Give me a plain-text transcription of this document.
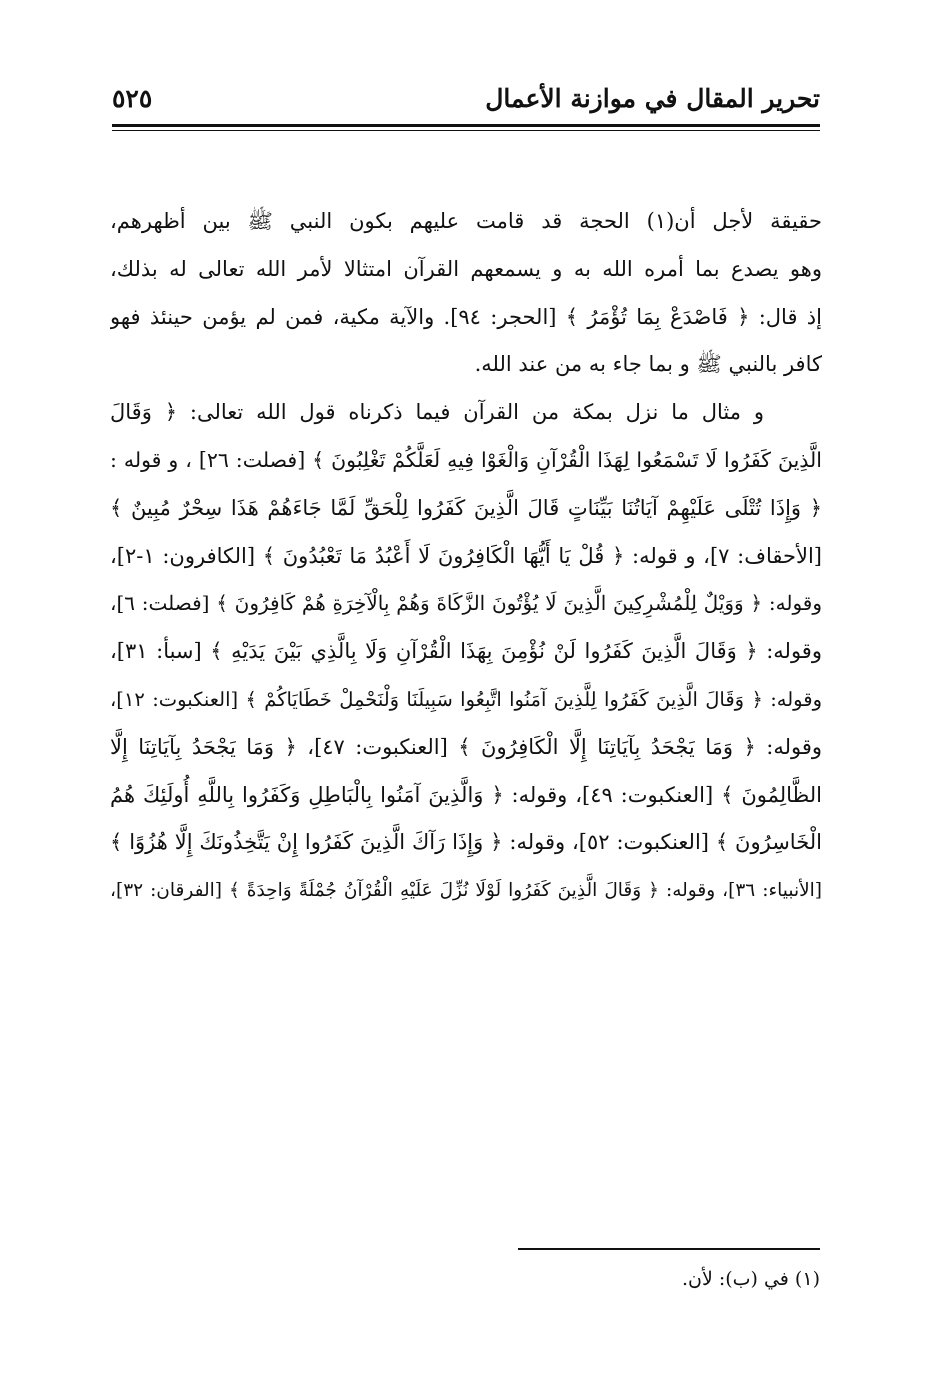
تحرير المقال في موازنة الأعمال
٥٢٥
حقيقة لأجل أن(١) الحجة قد قامت عليهم بكون النبي ﷺ بين أظهرهم،
وهو يصدع بما أمره الله به و يسمعهم القرآن امتثالا لأمر الله تعالى له بذلك،
إذ قال: ﴿ فَاصْدَعْ بِمَا تُؤْمَرُ ﴾ [الحجر: ٩٤]. والآية مكية، فمن لم يؤمن حينئذ فهو
كافر بالنبي ﷺ و بما جاء به من عند الله.
و مثال ما نزل بمكة من القرآن فيما ذكرناه قول الله تعالى: ﴿ وَقَالَ
الَّذِينَ كَفَرُوا لَا تَسْمَعُوا لِهَذَا الْقُرْآنِ وَالْغَوْا فِيهِ لَعَلَّكُمْ تَغْلِبُونَ ﴾ [فصلت: ٢٦] ، و قوله :
﴿ وَإِذَا تُتْلَى عَلَيْهِمْ آيَاتُنَا بَيِّنَاتٍ قَالَ الَّذِينَ كَفَرُوا لِلْحَقِّ لَمَّا جَاءَهُمْ هَذَا سِحْرٌ مُبِينٌ ﴾
[الأحقاف: ٧]، و قوله: ﴿ قُلْ يَا أَيُّهَا الْكَافِرُونَ لَا أَعْبُدُ مَا تَعْبُدُونَ ﴾ [الكافرون: ١-٢]،
وقوله: ﴿ وَوَيْلٌ لِلْمُشْرِكِينَ الَّذِينَ لَا يُؤْتُونَ الزَّكَاةَ وَهُمْ بِالْآخِرَةِ هُمْ كَافِرُونَ ﴾ [فصلت: ٦]،
وقوله: ﴿ وَقَالَ الَّذِينَ كَفَرُوا لَنْ نُؤْمِنَ بِهَذَا الْقُرْآنِ وَلَا بِالَّذِي بَيْنَ يَدَيْهِ ﴾ [سبأ: ٣١]،
وقوله: ﴿ وَقَالَ الَّذِينَ كَفَرُوا لِلَّذِينَ آمَنُوا اتَّبِعُوا سَبِيلَنَا وَلْنَحْمِلْ خَطَايَاكُمْ ﴾ [العنكبوت: ١٢]،
وقوله: ﴿ وَمَا يَجْحَدُ بِآيَاتِنَا إِلَّا الْكَافِرُونَ ﴾ [العنكبوت: ٤٧]، ﴿ وَمَا يَجْحَدُ بِآيَاتِنَا إِلَّا
الظَّالِمُونَ ﴾ [العنكبوت: ٤٩]، وقوله: ﴿ وَالَّذِينَ آمَنُوا بِالْبَاطِلِ وَكَفَرُوا بِاللَّهِ أُولَئِكَ هُمُ
الْخَاسِرُونَ ﴾ [العنكبوت: ٥٢]، وقوله: ﴿ وَإِذَا رَآكَ الَّذِينَ كَفَرُوا إِنْ يَتَّخِذُونَكَ إِلَّا هُزُوًا ﴾
[الأنبياء: ٣٦]، وقوله: ﴿ وَقَالَ الَّذِينَ كَفَرُوا لَوْلَا نُزِّلَ عَلَيْهِ الْقُرْآنُ جُمْلَةً وَاحِدَةً ﴾ [الفرقان: ٣٢]،
(١) في (ب): لأن.
